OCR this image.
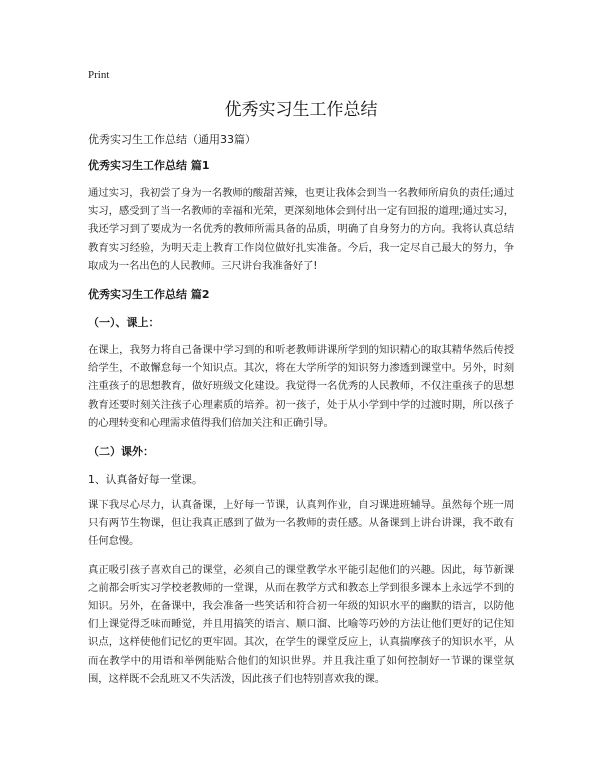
Print
优秀实习生工作总结

优秀实习生工作总结（通用33篇）

优秀实习生工作总结 篇1

通过实习，我初尝了身为一名教师的酸甜苦辣，也更让我体会到当一名教师所肩负的责任;通过实习，感受到了当一名教师的幸福和光荣，更深刻地体会到付出一定有回报的道理;通过实习，我还学习到了要成为一名优秀的教师所需具备的品质，明确了自身努力的方向。我将认真总结教育实习经验，为明天走上教育工作岗位做好扎实准备。今后，我一定尽自己最大的努力，争取成为一名出色的人民教师。三尺讲台我准备好了!

优秀实习生工作总结 篇2
（一）、课上：

在课上，我努力将自己备课中学习到的和听老教师讲课所学到的知识精心的取其精华然后传授给学生，不敢懈怠每一个知识点。其次，将在大学所学的知识努力渗透到课堂中。另外，时刻注重孩子的思想教育，做好班级文化建设。我觉得一名优秀的人民教师，不仅注重孩子的思想教育还要时刻关注孩子心理素质的培养。初一孩子，处于从小学到中学的过渡时期，所以孩子的心理转变和心理需求值得我们倍加关注和正确引导。

（二）课外：

1、认真备好每一堂课。

课下我尽心尽力，认真备课，上好每一节课，认真判作业，自习课进班辅导。虽然每个班一周只有两节生物课，但让我真正感到了做为一名教师的责任感。从备课到上讲台讲课，我不敢有任何怠慢。

真正吸引孩子喜欢自己的课堂，必须自己的课堂教学水平能引起他们的兴趣。因此，每节新课之前都会听实习学校老教师的一堂课，从而在教学方式和教态上学到很多课本上永远学不到的知识。另外，在备课中，我会准备一些笑话和符合初一年级的知识水平的幽默的语言，以防他们上课觉得乏味而睡觉，并且用搞笑的语言、顺口溜、比喻等巧妙的方法让他们更好的记住知识点，这样使他们记忆的更牢固。其次，在学生的课堂反应上，认真揣摩孩子的知识水平，从而在教学中的用语和举例能贴合他们的知识世界。并且我注重了如何控制好一节课的课堂氛围，这样既不会乱班又不失活泼，因此孩子们也特别喜欢我的课。
